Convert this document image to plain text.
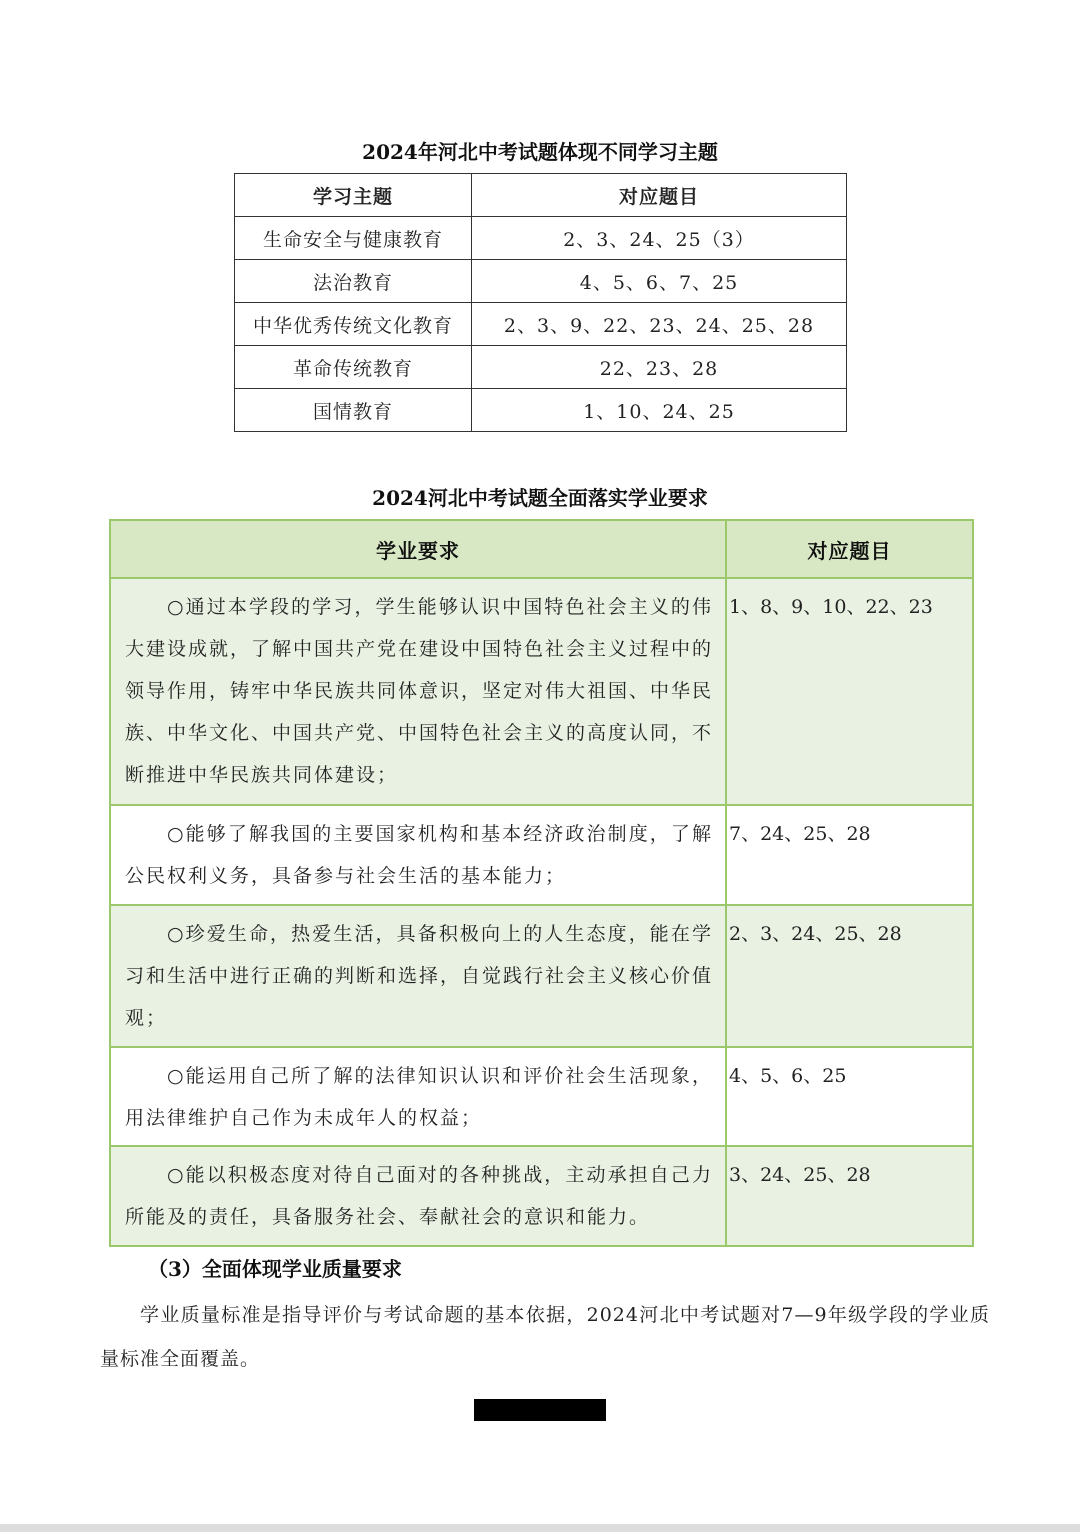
2024年河北中考试题体现不同学习主题
学习主题	对应题目
生命安全与健康教育	2、3、24、25（3）
法治教育	4、5、6、7、25
中华优秀传统文化教育	2、3、9、22、23、24、25、28
革命传统教育	22、23、28
国情教育	1、10、24、25
2024河北中考试题全面落实学业要求
学业要求	对应题目
○通过本学段的学习，学生能够认识中国特色社会主义的伟大建设成就，了解中国共产党在建设中国特色社会主义过程中的领导作用，铸牢中华民族共同体意识，坚定对伟大祖国、中华民族、中华文化、中国共产党、中国特色社会主义的高度认同，不断推进中华民族共同体建设；	1、8、9、10、22、23
○能够了解我国的主要国家机构和基本经济政治制度，了解公民权利义务，具备参与社会生活的基本能力；	7、24、25、28
○珍爱生命，热爱生活，具备积极向上的人生态度，能在学习和生活中进行正确的判断和选择，自觉践行社会主义核心价值观；	2、3、24、25、28
○能运用自己所了解的法律知识认识和评价社会生活现象，用法律维护自己作为未成年人的权益；	4、5、6、25
○能以积极态度对待自己面对的各种挑战，主动承担自己力所能及的责任，具备服务社会、奉献社会的意识和能力。	3、24、25、28
（3）全面体现学业质量要求
学业质量标准是指导评价与考试命题的基本依据，2024河北中考试题对7—9年级学段的学业质量标准全面覆盖。
